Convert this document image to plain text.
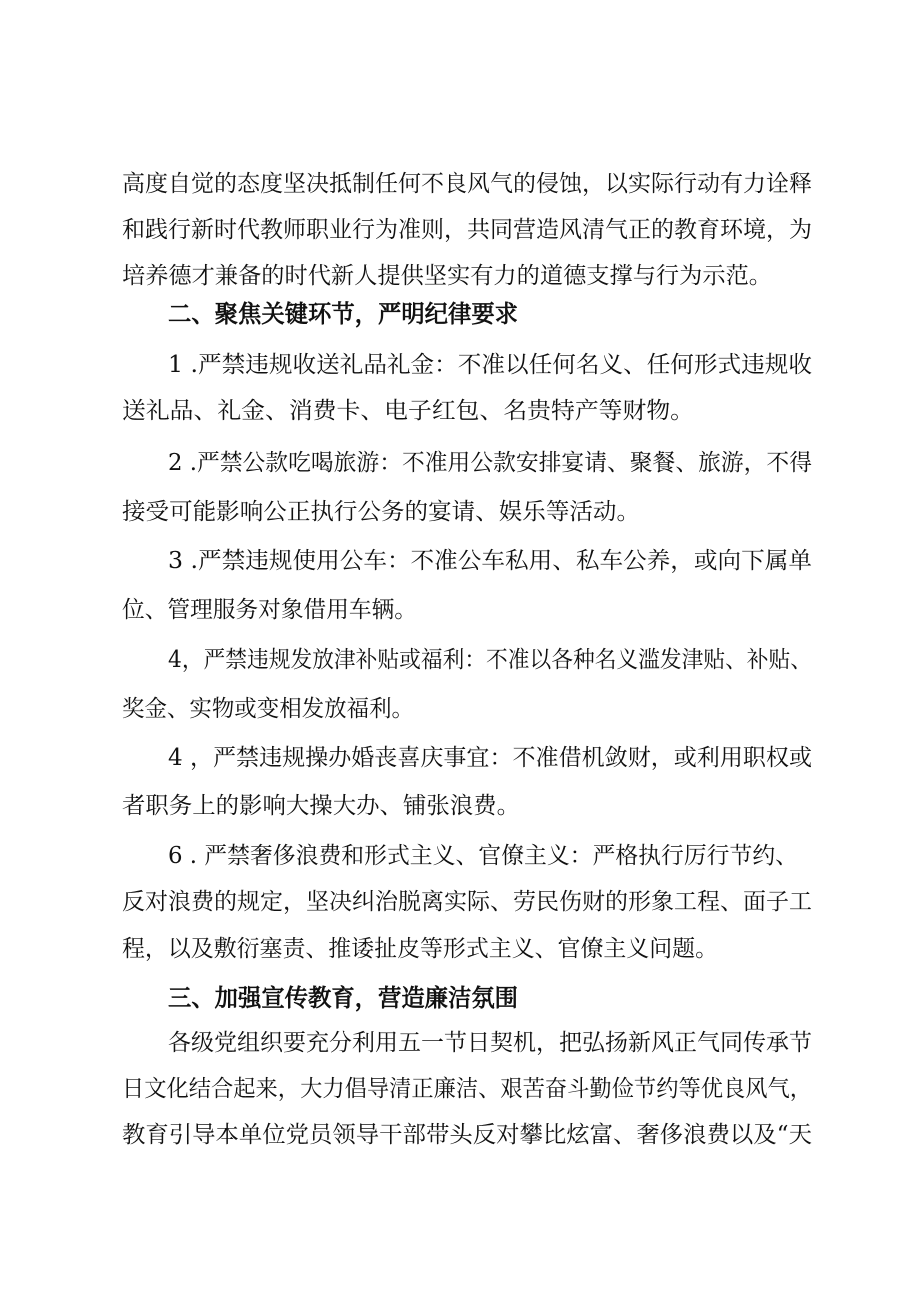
高度自觉的态度坚决抵制任何不良风气的侵蚀，以实际行动有力诠释
和践行新时代教师职业行为准则，共同营造风清气正的教育环境，为
培养德才兼备的时代新人提供坚实有力的道德支撑与行为示范。
二、聚焦关键环节，严明纪律要求
1 .严禁违规收送礼品礼金：不准以任何名义、任何形式违规收
送礼品、礼金、消费卡、电子红包、名贵特产等财物。
2 .严禁公款吃喝旅游：不准用公款安排宴请、聚餐、旅游，不得
接受可能影响公正执行公务的宴请、娱乐等活动。
3 .严禁违规使用公车：不准公车私用、私车公养，或向下属单
位、管理服务对象借用车辆。
4，严禁违规发放津补贴或福利：不准以各种名义滥发津贴、补贴、
奖金、实物或变相发放福利。
4 ，严禁违规操办婚丧喜庆事宜：不准借机敛财，或利用职权或
者职务上的影响大操大办、铺张浪费。
6 . 严禁奢侈浪费和形式主义、官僚主义：严格执行厉行节约、
反对浪费的规定，坚决纠治脱离实际、劳民伤财的形象工程、面子工
程，以及敷衍塞责、推诿扯皮等形式主义、官僚主义问题。
三、加强宣传教育，营造廉洁氛围
各级党组织要充分利用五一节日契机，把弘扬新风正气同传承节
日文化结合起来，大力倡导清正廉洁、艰苦奋斗勤俭节约等优良风气，
教育引导本单位党员领导干部带头反对攀比炫富、奢侈浪费以及“天
